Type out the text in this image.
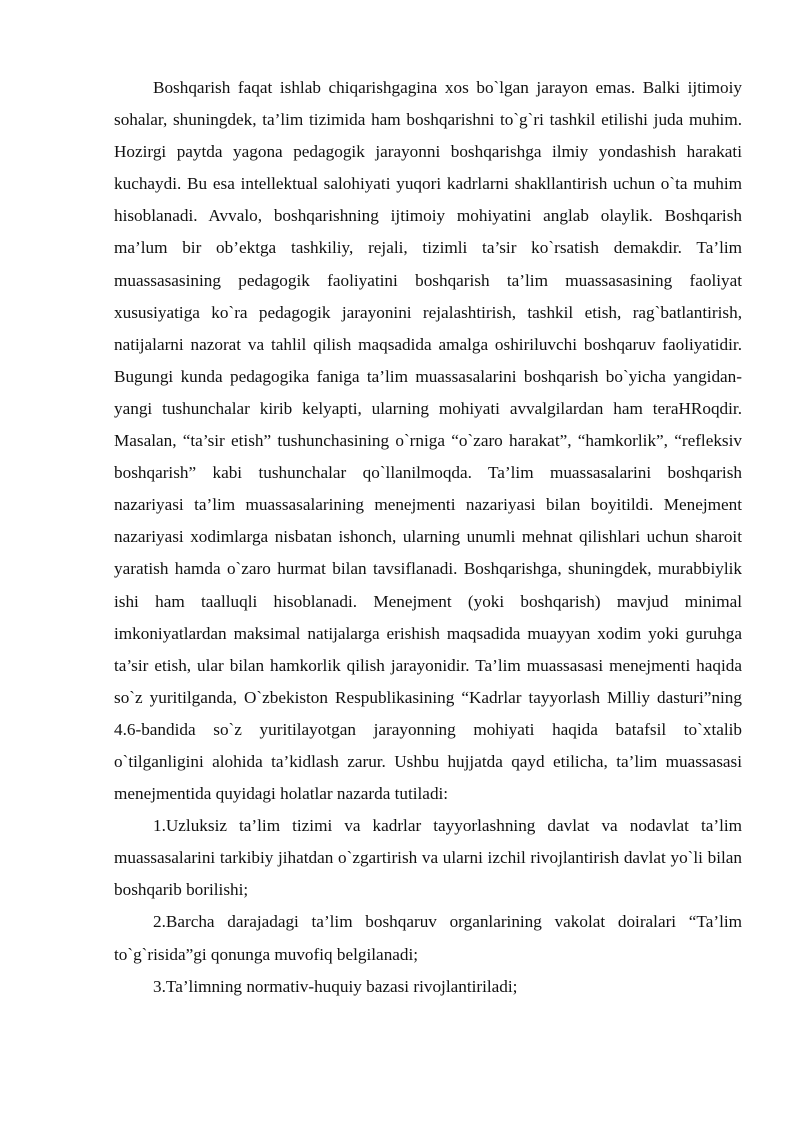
Boshqarish faqat ishlab chiqarishgagina xos bo`lgan jarayon emas. Balki ijtimoiy sohalar, shuningdek, ta’lim tizimida ham boshqarishni to`g`ri tashkil etilishi juda muhim. Hozirgi paytda yagona pedagogik jarayonni boshqarishga ilmiy yondashish harakati kuchaydi. Bu esa intellektual salohiyati yuqori kadrlarni shakllantirish uchun o`ta muhim hisoblanadi. Avvalo, boshqarishning ijtimoiy mohiyatini anglab olaylik. Boshqarish ma’lum bir ob’ektga tashkiliy, rejali, tizimli ta’sir ko`rsatish demakdir. Ta’lim muassasasining pedagogik faoliyatini boshqarish ta’lim muassasasining faoliyat xususiyatiga ko`ra pedagogik jarayonini rejalashtirish, tashkil etish, rag`batlantirish, natijalarni nazorat va tahlil qilish maqsadida amalga oshiriluvchi boshqaruv faoliyatidir. Bugungi kunda pedagogika faniga ta’lim muassasalarini boshqarish bo`yicha yangidan-yangi tushunchalar kirib kelyapti, ularning mohiyati avvalgilardan ham teraHRoqdir. Masalan, “ta’sir etish” tushunchasining o`rniga “o`zaro harakat”, “hamkorlik”, “refleksiv boshqarish” kabi tushunchalar qo`llanilmoqda. Ta’lim muassasalarini boshqarish nazariyasi ta’lim muassasalarining menejmenti nazariyasi bilan boyitildi. Menejment nazariyasi xodimlarga nisbatan ishonch, ularning unumli mehnat qilishlari uchun sharoit yaratish hamda o`zaro hurmat bilan tavsiflanadi. Boshqarishga, shuningdek, murabbiylik ishi ham taalluqli hisoblanadi. Menejment (yoki boshqarish) mavjud minimal imkoniyatlardan maksimal natijalarga erishish maqsadida muayyan xodim yoki guruhga ta’sir etish, ular bilan hamkorlik qilish jarayonidir. Ta’lim muassasasi menejmenti haqida so`z yuritilganda, O`zbekiston Respublikasining “Kadrlar tayyorlash Milliy dasturi”ning 4.6-bandida so`z yuritilayotgan jarayonning mohiyati haqida batafsil to`xtalib o`tilganligini alohida ta’kidlash zarur. Ushbu hujjatda qayd etilicha, ta’lim muassasasi menejmentida quyidagi holatlar nazarda tutiladi:

1.Uzluksiz ta’lim tizimi va kadrlar tayyorlashning davlat va nodavlat ta’lim muassasalarini tarkibiy jihatdan o`zgartirish va ularni izchil rivojlantirish davlat yo`li bilan boshqarib borilishi;

2.Barcha darajadagi ta’lim boshqaruv organlarining vakolat doiralari “Ta’lim to`g`risida”gi qonunga muvofiq belgilanadi;

3.Ta’limning normativ-huquiy bazasi rivojlantiriladi;
